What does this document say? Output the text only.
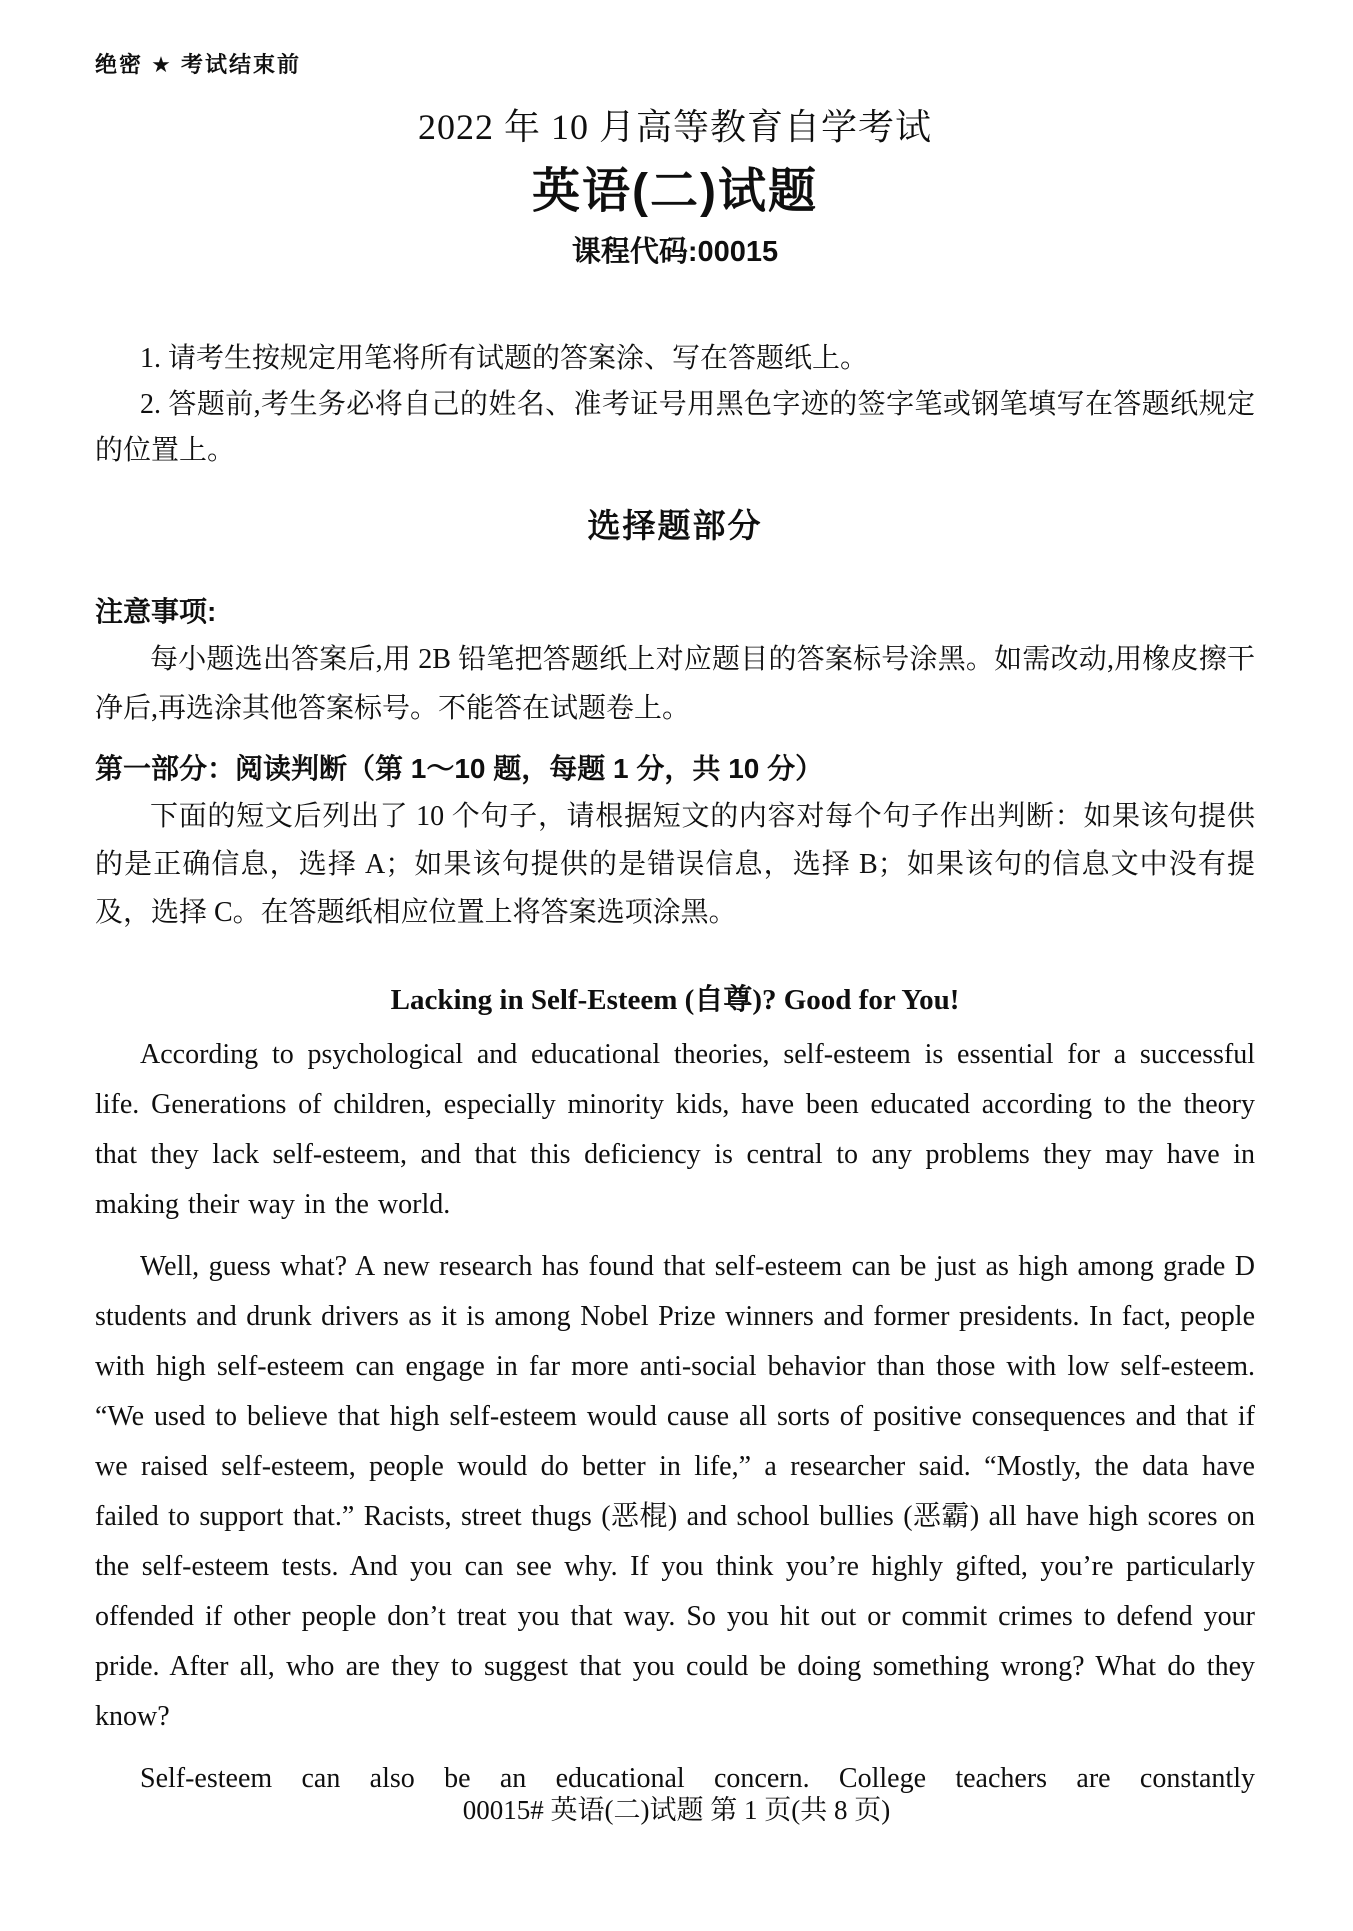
绝密 ★ 考试结束前
2022 年 10 月高等教育自学考试
英语(二)试题
课程代码:00015

1. 请考生按规定用笔将所有试题的答案涂、写在答题纸上。

2. 答题前,考生务必将自己的姓名、准考证号用黑色字迹的签字笔或钢笔填写在答题纸规定的位置上。

选择题部分
注意事项:

每小题选出答案后,用 2B 铅笔把答题纸上对应题目的答案标号涂黑。如需改动,用橡皮擦干净后,再选涂其他答案标号。不能答在试题卷上。

第一部分：阅读判断（第 1～10 题，每题 1 分，共 10 分）

下面的短文后列出了 10 个句子，请根据短文的内容对每个句子作出判断：如果该句提供的是正确信息，选择 A；如果该句提供的是错误信息，选择 B；如果该句的信息文中没有提及，选择 C。在答题纸相应位置上将答案选项涂黑。

Lacking in Self-Esteem (自尊)? Good for You!

According to psychological and educational theories, self-esteem is essential for a successful life. Generations of children, especially minority kids, have been educated according to the theory that they lack self-esteem, and that this deficiency is central to any problems they may have in making their way in the world.

Well, guess what? A new research has found that self-esteem can be just as high among grade D students and drunk drivers as it is among Nobel Prize winners and former presidents. In fact, people with high self-esteem can engage in far more anti-social behavior than those with low self-esteem. “We used to believe that high self-esteem would cause all sorts of positive consequences and that if we raised self-esteem, people would do better in life,” a researcher said. “Mostly, the data have failed to support that.” Racists, street thugs (恶棍) and school bullies (恶霸) all have high scores on the self-esteem tests. And you can see why. If you think you’re highly gifted, you’re particularly offended if other people don’t treat you that way. So you hit out or commit crimes to defend your pride. After all, who are they to suggest that you could be doing something wrong? What do they know?

Self-esteem can also be an educational concern. College teachers are constantly

00015# 英语(二)试题 第 1 页(共 8 页)
